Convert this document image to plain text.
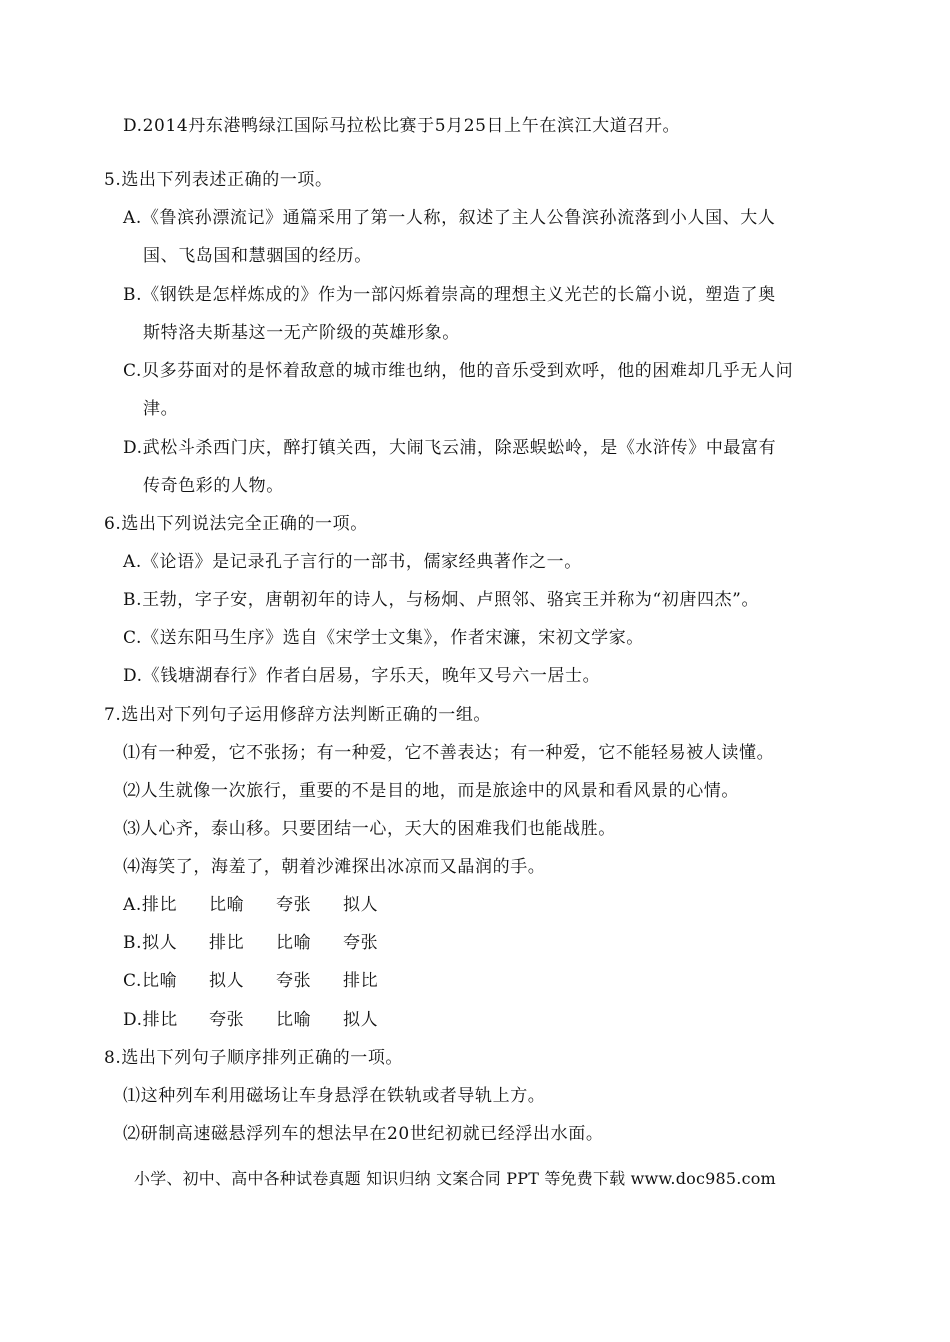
D.2014丹东港鸭绿江国际马拉松比赛于5月25日上午在滨江大道召开。
5.选出下列表述正确的一项。
A.《鲁滨孙漂流记》通篇采用了第一人称，叙述了主人公鲁滨孙流落到小人国、大人
国、飞岛国和慧骃国的经历。
B.《钢铁是怎样炼成的》作为一部闪烁着崇高的理想主义光芒的长篇小说，塑造了奥
斯特洛夫斯基这一无产阶级的英雄形象。
C.贝多芬面对的是怀着敌意的城市维也纳，他的音乐受到欢呼，他的困难却几乎无人问
津。
D.武松斗杀西门庆，醉打镇关西，大闹飞云浦，除恶蜈蚣岭，是《水浒传》中最富有
传奇色彩的人物。
6.选出下列说法完全正确的一项。
A.《论语》是记录孔子言行的一部书，儒家经典著作之一。
B.王勃，字子安，唐朝初年的诗人，与杨炯、卢照邻、骆宾王并称为“初唐四杰”。
C.《送东阳马生序》选自《宋学士文集》，作者宋濂，宋初文学家。
D.《钱塘湖春行》作者白居易，字乐天，晚年又号六一居士。
7.选出对下列句子运用修辞方法判断正确的一组。
⑴有一种爱，它不张扬；有一种爱，它不善表达；有一种爱，它不能轻易被人读懂。
⑵人生就像一次旅行，重要的不是目的地，而是旅途中的风景和看风景的心情。
⑶人心齐，泰山移。只要团结一心，天大的困难我们也能战胜。
⑷海笑了，海羞了，朝着沙滩探出冰凉而又晶润的手。
A.排比 比喻 夸张 拟人
B.拟人 排比 比喻 夸张
C.比喻 拟人 夸张 排比
D.排比 夸张 比喻 拟人
8.选出下列句子顺序排列正确的一项。
⑴这种列车利用磁场让车身悬浮在铁轨或者导轨上方。
⑵研制高速磁悬浮列车的想法早在20世纪初就已经浮出水面。
小学、初中、高中各种试卷真题 知识归纳 文案合同 PPT 等免费下载 www.doc985.com
